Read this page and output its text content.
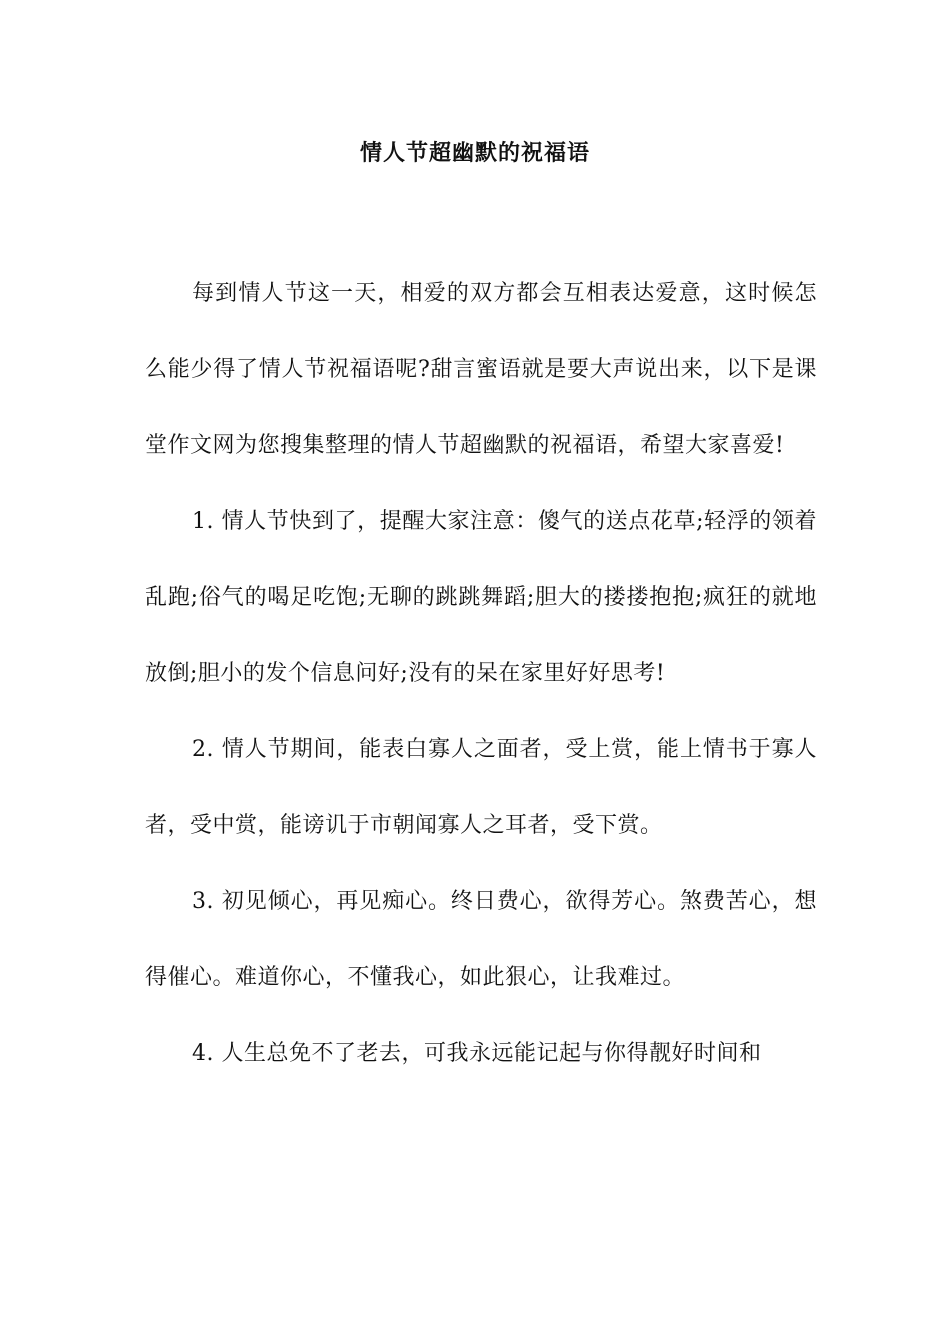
情人节超幽默的祝福语

每到情人节这一天，相爱的双方都会互相表达爱意，这时候怎么能少得了情人节祝福语呢?甜言蜜语就是要大声说出来，以下是课堂作文网为您搜集整理的情人节超幽默的祝福语，希望大家喜爱!

1. 情人节快到了，提醒大家注意：傻气的送点花草;轻浮的领着乱跑;俗气的喝足吃饱;无聊的跳跳舞蹈;胆大的搂搂抱抱;疯狂的就地放倒;胆小的发个信息问好;没有的呆在家里好好思考!

2. 情人节期间，能表白寡人之面者，受上赏，能上情书于寡人者，受中赏，能谤讥于市朝闻寡人之耳者，受下赏。

3. 初见倾心，再见痴心。终日费心，欲得芳心。煞费苦心，想得催心。难道你心，不懂我心，如此狠心，让我难过。

4. 人生总免不了老去，可我永远能记起与你得靓好时间和
